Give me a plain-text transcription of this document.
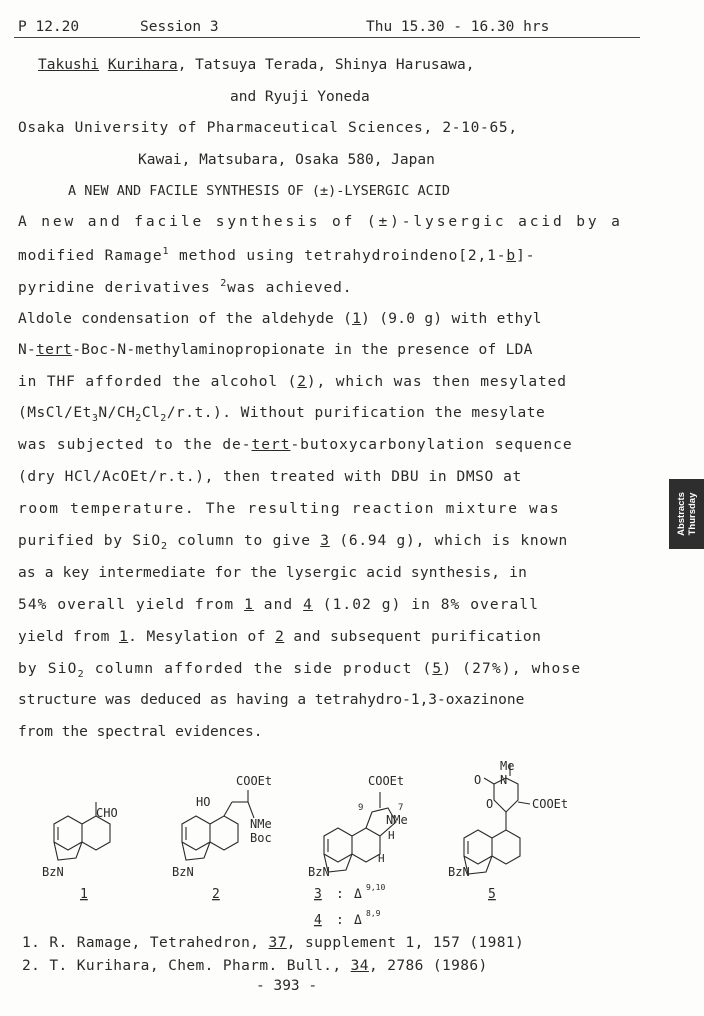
P 12.20	Session 3	Thu 15.30 - 16.30 hrs
Takushi Kurihara, Tatsuya Terada, Shinya Harusawa,
and Ryuji Yoneda
Osaka University of Pharmaceutical Sciences, 2-10-65,
Kawai, Matsubara, Osaka 580, Japan
A NEW AND FACILE SYNTHESIS OF (±)-LYSERGIC ACID
A new and facile synthesis of (±)-lysergic acid by a
modified Ramage$^1$ method using tetrahydroindeno[2,1-b]-
pyridine derivatives $^2$was achieved.
Aldole condensation of the aldehyde (1) (9.0 g) with ethyl
N-tert-Boc-N-methylaminopropionate in the presence of LDA
in THF afforded the alcohol (2), which was then mesylated
$(MsCl/Et_3N/CH_2Cl_2/r.t.)$. Without purification the mesylate
was subjected to the de-tert-butoxycarbonylation sequence
(dry HCl/AcOEt/r.t.), then treated with DBU in DMSO at
room temperature. The resulting reaction mixture was
purified by SiO$_2$ column to give 3 (6.94 g), which is known
as a key intermediate for the lysergic acid synthesis, in
54% overall yield from 1 and 4 (1.02 g) in 8% overall
yield from 1. Mesylation of 2 and subsequent purification
by SiO$_2$ column afforded the side product (5) (27%), whose
structure was deduced as having a tetrahydro-1,3-oxazinone
from the spectral evidences.
CHO
BzN
1
HO
COOEt
NMe
Boc
BzN
2
COOEt
9	7
NMe
H
H
BzN
Me
O N
O	COOEt
BzN
5
3 : Δ 9,10
4 : Δ 8,9
1. R. Ramage, Tetrahedron, 37, supplement 1, 157 (1981)
2. T. Kurihara, Chem. Pharm. Bull., 34, 2786 (1986)
- 393 -
Abstracts Thursday
